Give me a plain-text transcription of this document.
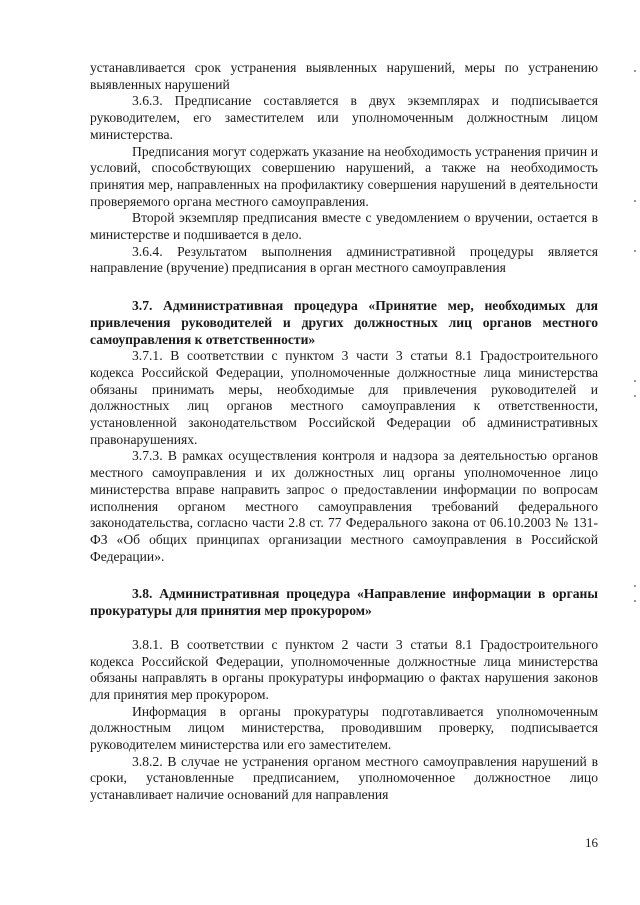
устанавливается срок устранения выявленных нарушений, меры по устранению выявленных нарушений

3.6.3. Предписание составляется в двух экземплярах и подписывается руководителем, его заместителем или уполномоченным должностным лицом министерства.

Предписания могут содержать указание на необходимость устранения причин и условий, способствующих совершению нарушений, а также на необходимость принятия мер, направленных на профилактику совершения нарушений в деятельности проверяемого органа местного самоуправления.

Второй экземпляр предписания вместе с уведомлением о вручении, остается в министерстве и подшивается в дело.

3.6.4. Результатом выполнения административной процедуры является направление (вручение) предписания в орган местного самоуправления

3.7. Административная процедура «Принятие мер, необходимых для привлечения руководителей и других должностных лиц органов местного самоуправления к ответственности»

3.7.1. В соответствии с пунктом 3 части 3 статьи 8.1 Градостроительного кодекса Российской Федерации, уполномоченные должностные лица министерства обязаны принимать меры, необходимые для привлечения руководителей и должностных лиц органов местного самоуправления к ответственности, установленной законодательством Российской Федерации об административных правонарушениях.

3.7.3. В рамках осуществления контроля и надзора за деятельностью органов местного самоуправления и их должностных лиц органы уполномоченное лицо министерства вправе направить запрос о предоставлении информации по вопросам исполнения органом местного самоуправления требований федерального законодательства, согласно части 2.8 ст. 77 Федерального закона от 06.10.2003 № 131-ФЗ «Об общих принципах организации местного самоуправления в Российской Федерации».

3.8. Административная процедура «Направление информации в органы прокуратуры для принятия мер прокурором»

3.8.1. В соответствии с пунктом 2 части 3 статьи 8.1 Градостроительного кодекса Российской Федерации, уполномоченные должностные лица министерства обязаны направлять в органы прокуратуры информацию о фактах нарушения законов для принятия мер прокурором.

Информация в органы прокуратуры подготавливается уполномоченным должностным лицом министерства, проводившим проверку, подписывается руководителем министерства или его заместителем.

3.8.2. В случае не устранения органом местного самоуправления нарушений в сроки, установленные предписанием, уполномоченное должностное лицо устанавливает наличие оснований для направления

16
